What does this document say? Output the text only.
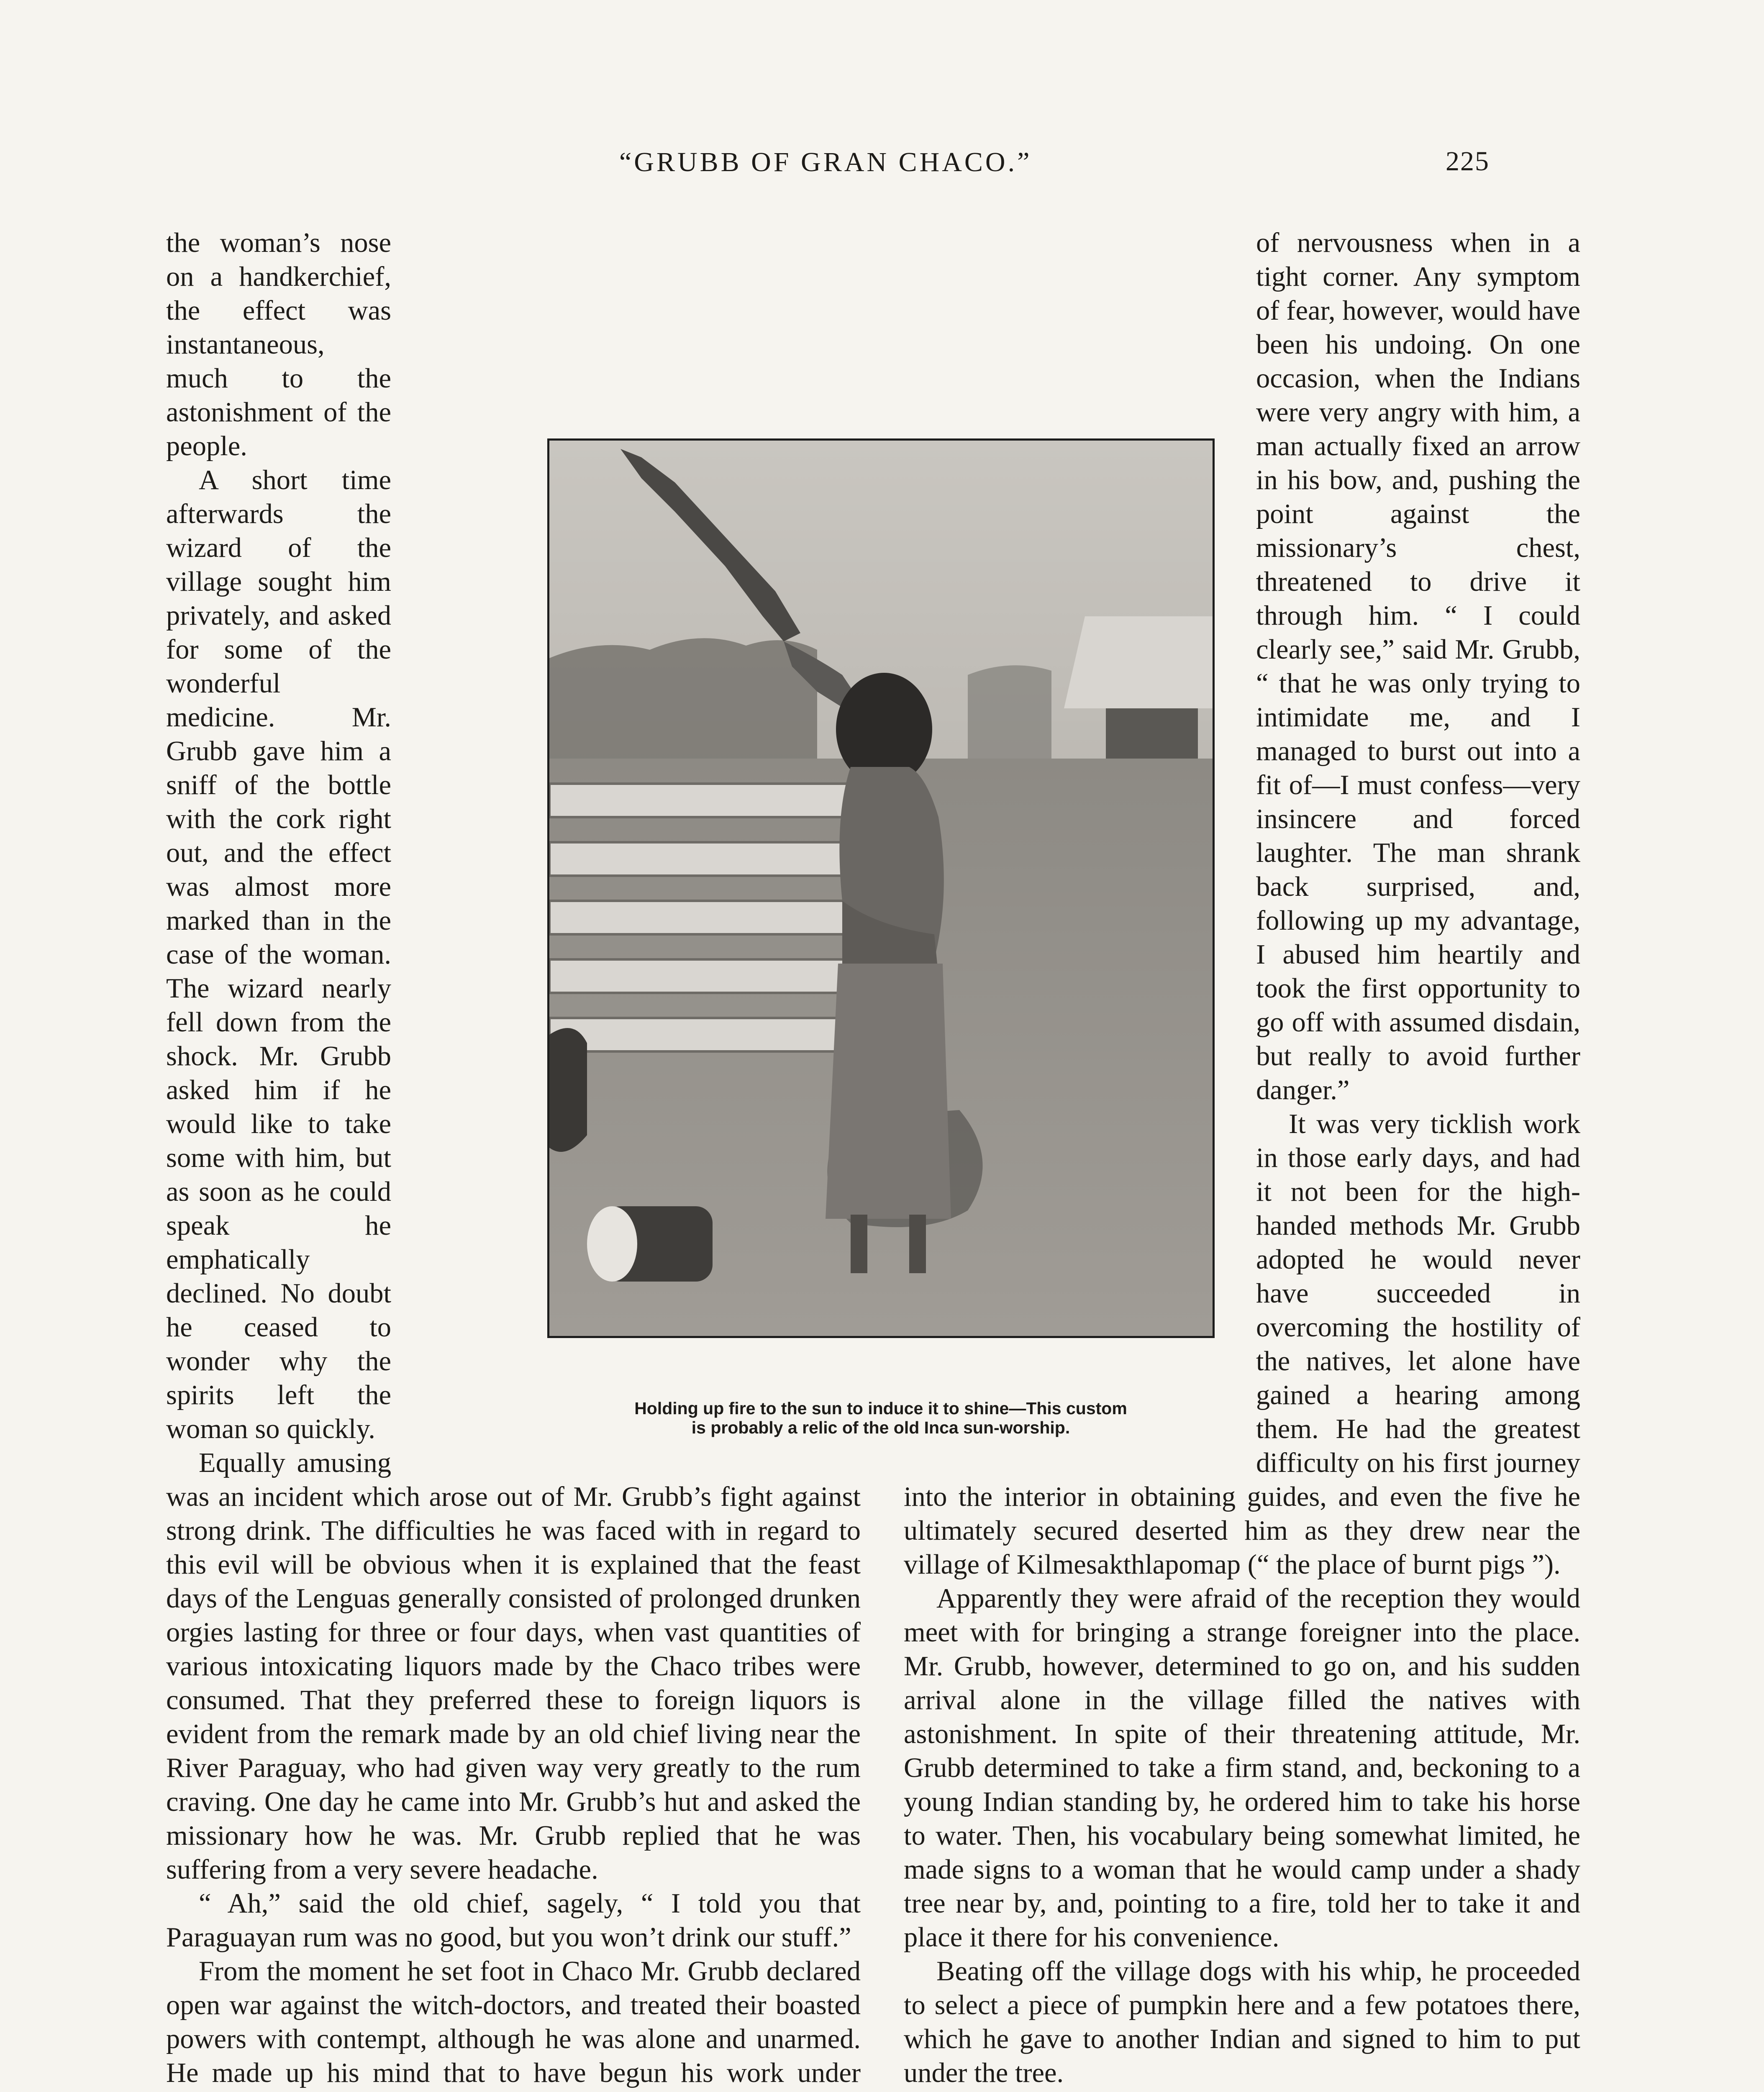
“GRUBB OF GRAN CHACO.”	225

the woman’s nose on a handkerchief, the effect was instantaneous, much to the astonishment of the people.

A short time afterwards the wizard of the village sought him privately, and asked for some of the wonderful medicine. Mr. Grubb gave him a sniff of the bottle with the cork right out, and the effect was almost more marked than in the case of the woman. The wizard nearly fell down from the shock. Mr. Grubb asked him if he would like to take some with him, but as soon as he could speak he emphatically declined. No doubt he ceased to wonder why the spirits left the woman so quickly.

Equally amusing was an incident which arose out of Mr. Grubb’s fight against strong drink. The difficulties he was faced with in regard to this evil will be obvious when it is explained that the feast days of the Lenguas generally consisted of prolonged drunken orgies lasting for three or four days, when vast quantities of various intoxicating liquors made by the Chaco tribes were consumed. That they preferred these to foreign liquors is evident from the remark made by an old chief living near the River Paraguay, who had given way very greatly to the rum craving. One day he came into Mr. Grubb’s hut and asked the missionary how he was. Mr. Grubb replied that he was suffering from a very severe headache.

“ Ah,” said the old chief, sagely, “ I told you that Paraguayan rum was no good, but you won’t drink our stuff.”

From the moment he set foot in Chaco Mr. Grubb declared open war against the witch-doctors, and treated their boasted powers with contempt, although he was alone and unarmed. He made up his mind that to have begun his work under

of nervousness when in a tight corner. Any symptom of fear, however, would have been his undoing. On one occasion, when the Indians were very angry with him, a man actually fixed an arrow in his bow, and, pushing the point against the missionary’s chest, threatened to drive it through him. “ I could clearly see,” said Mr. Grubb, “ that he was only trying to intimidate me, and I managed to burst out into a fit of—I must confess—very insincere and forced laughter. The man shrank back surprised, and, following up my advantage, I abused him heartily and took the first opportunity to go off with assumed disdain, but really to avoid further danger.”

It was very ticklish work in those early days, and had it not been for the high-handed methods Mr. Grubb adopted he would never have succeeded in overcoming the hostility of the natives, let alone have gained a hearing among them. He had the greatest difficulty on his first journey into the interior in obtaining guides, and even the five he ultimately secured deserted him as they drew near the village of Kilmesakthlapomap (“ the place of burnt pigs ”).

Apparently they were afraid of the reception they would meet with for bringing a strange foreigner into the place. Mr. Grubb, however, determined to go on, and his sudden arrival alone in the village filled the natives with astonishment. In spite of their threatening attitude, Mr. Grubb determined to take a firm stand, and, beckoning to a young Indian standing by, he ordered him to take his horse to water. Then, his vocabulary being somewhat limited, he made signs to a woman that he would camp under a shady tree near by, and, pointing to a fire, told her to take it and place it there for his convenience.

Beating off the village dogs with his whip, he proceeded to select a piece of pumpkin here and a few potatoes there, which he gave to another Indian and signed to him to put under the tree.

Holding up fire to the sun to induce it to shine—This custom
is probably a relic of the old Inca sun-worship.
